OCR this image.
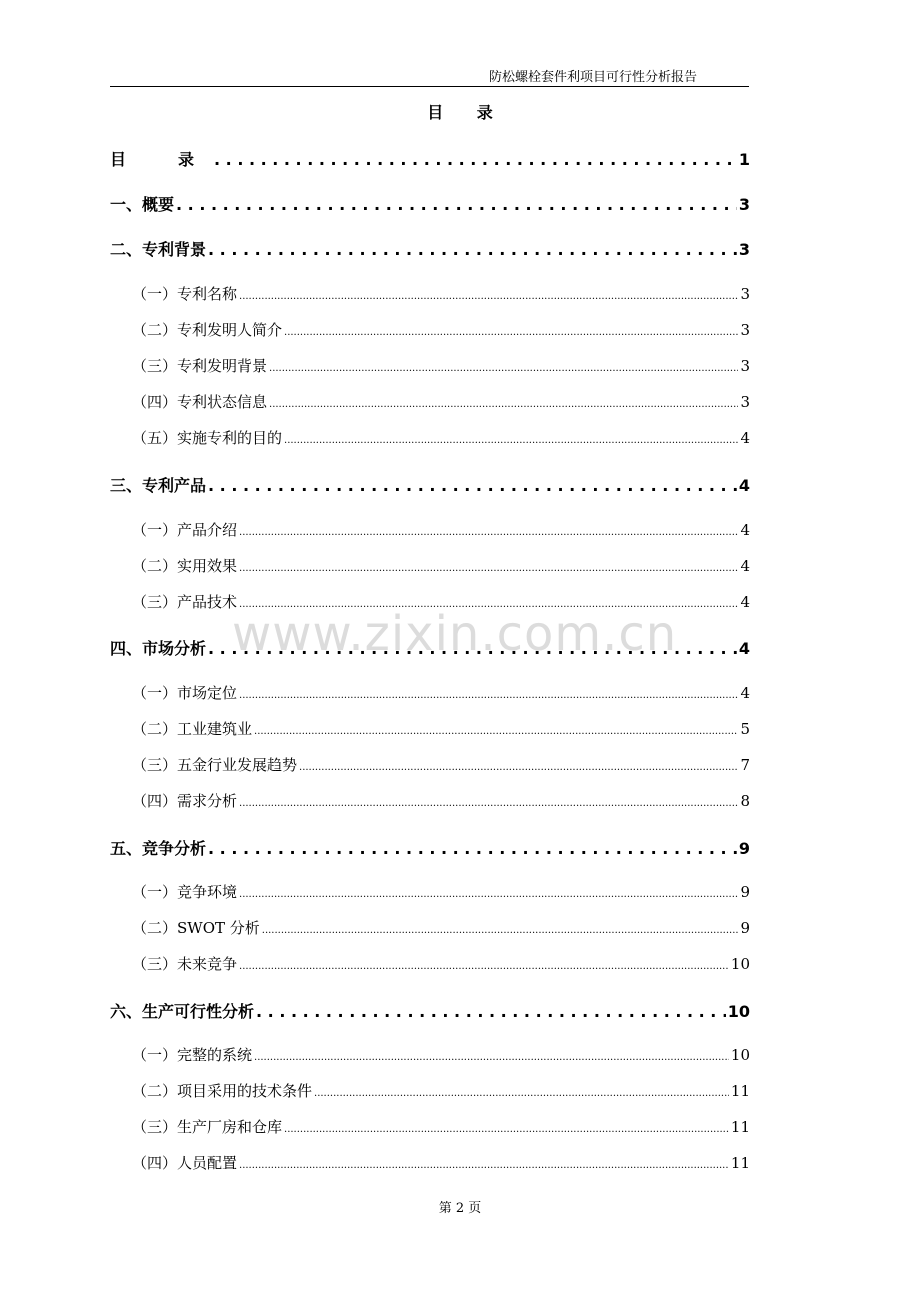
防松螺栓套件利项目可行性分析报告
目 录
目　录 . . .	1
一、概要 . . .	3
二、专利背景 . . .	3
（一）专利名称 .....	3
（二）专利发明人简介 .....	3
（三）专利发明背景 .....	3
（四）专利状态信息 .....	3
（五）实施专利的目的 .....	4
三、专利产品 . . .	4
（一）产品介绍 .....	4
（二）实用效果 .....	4
（三）产品技术 .....	4
四、市场分析 . . .	4
（一）市场定位 .....	4
（二）工业建筑业 .....	5
（三）五金行业发展趋势 .....	7
（四）需求分析 .....	8
五、竞争分析 . . .	9
（一）竞争环境 .....	9
（二）SWOT 分析 .....	9
（三）未来竞争 .....	10
六、生产可行性分析 . . .	10
（一）完整的系统 .....	10
（二）项目采用的技术条件 .....	11
（三）生产厂房和仓库 .....	11
（四）人员配置 .....	11
www.zixin.com.cn
第 2 页
